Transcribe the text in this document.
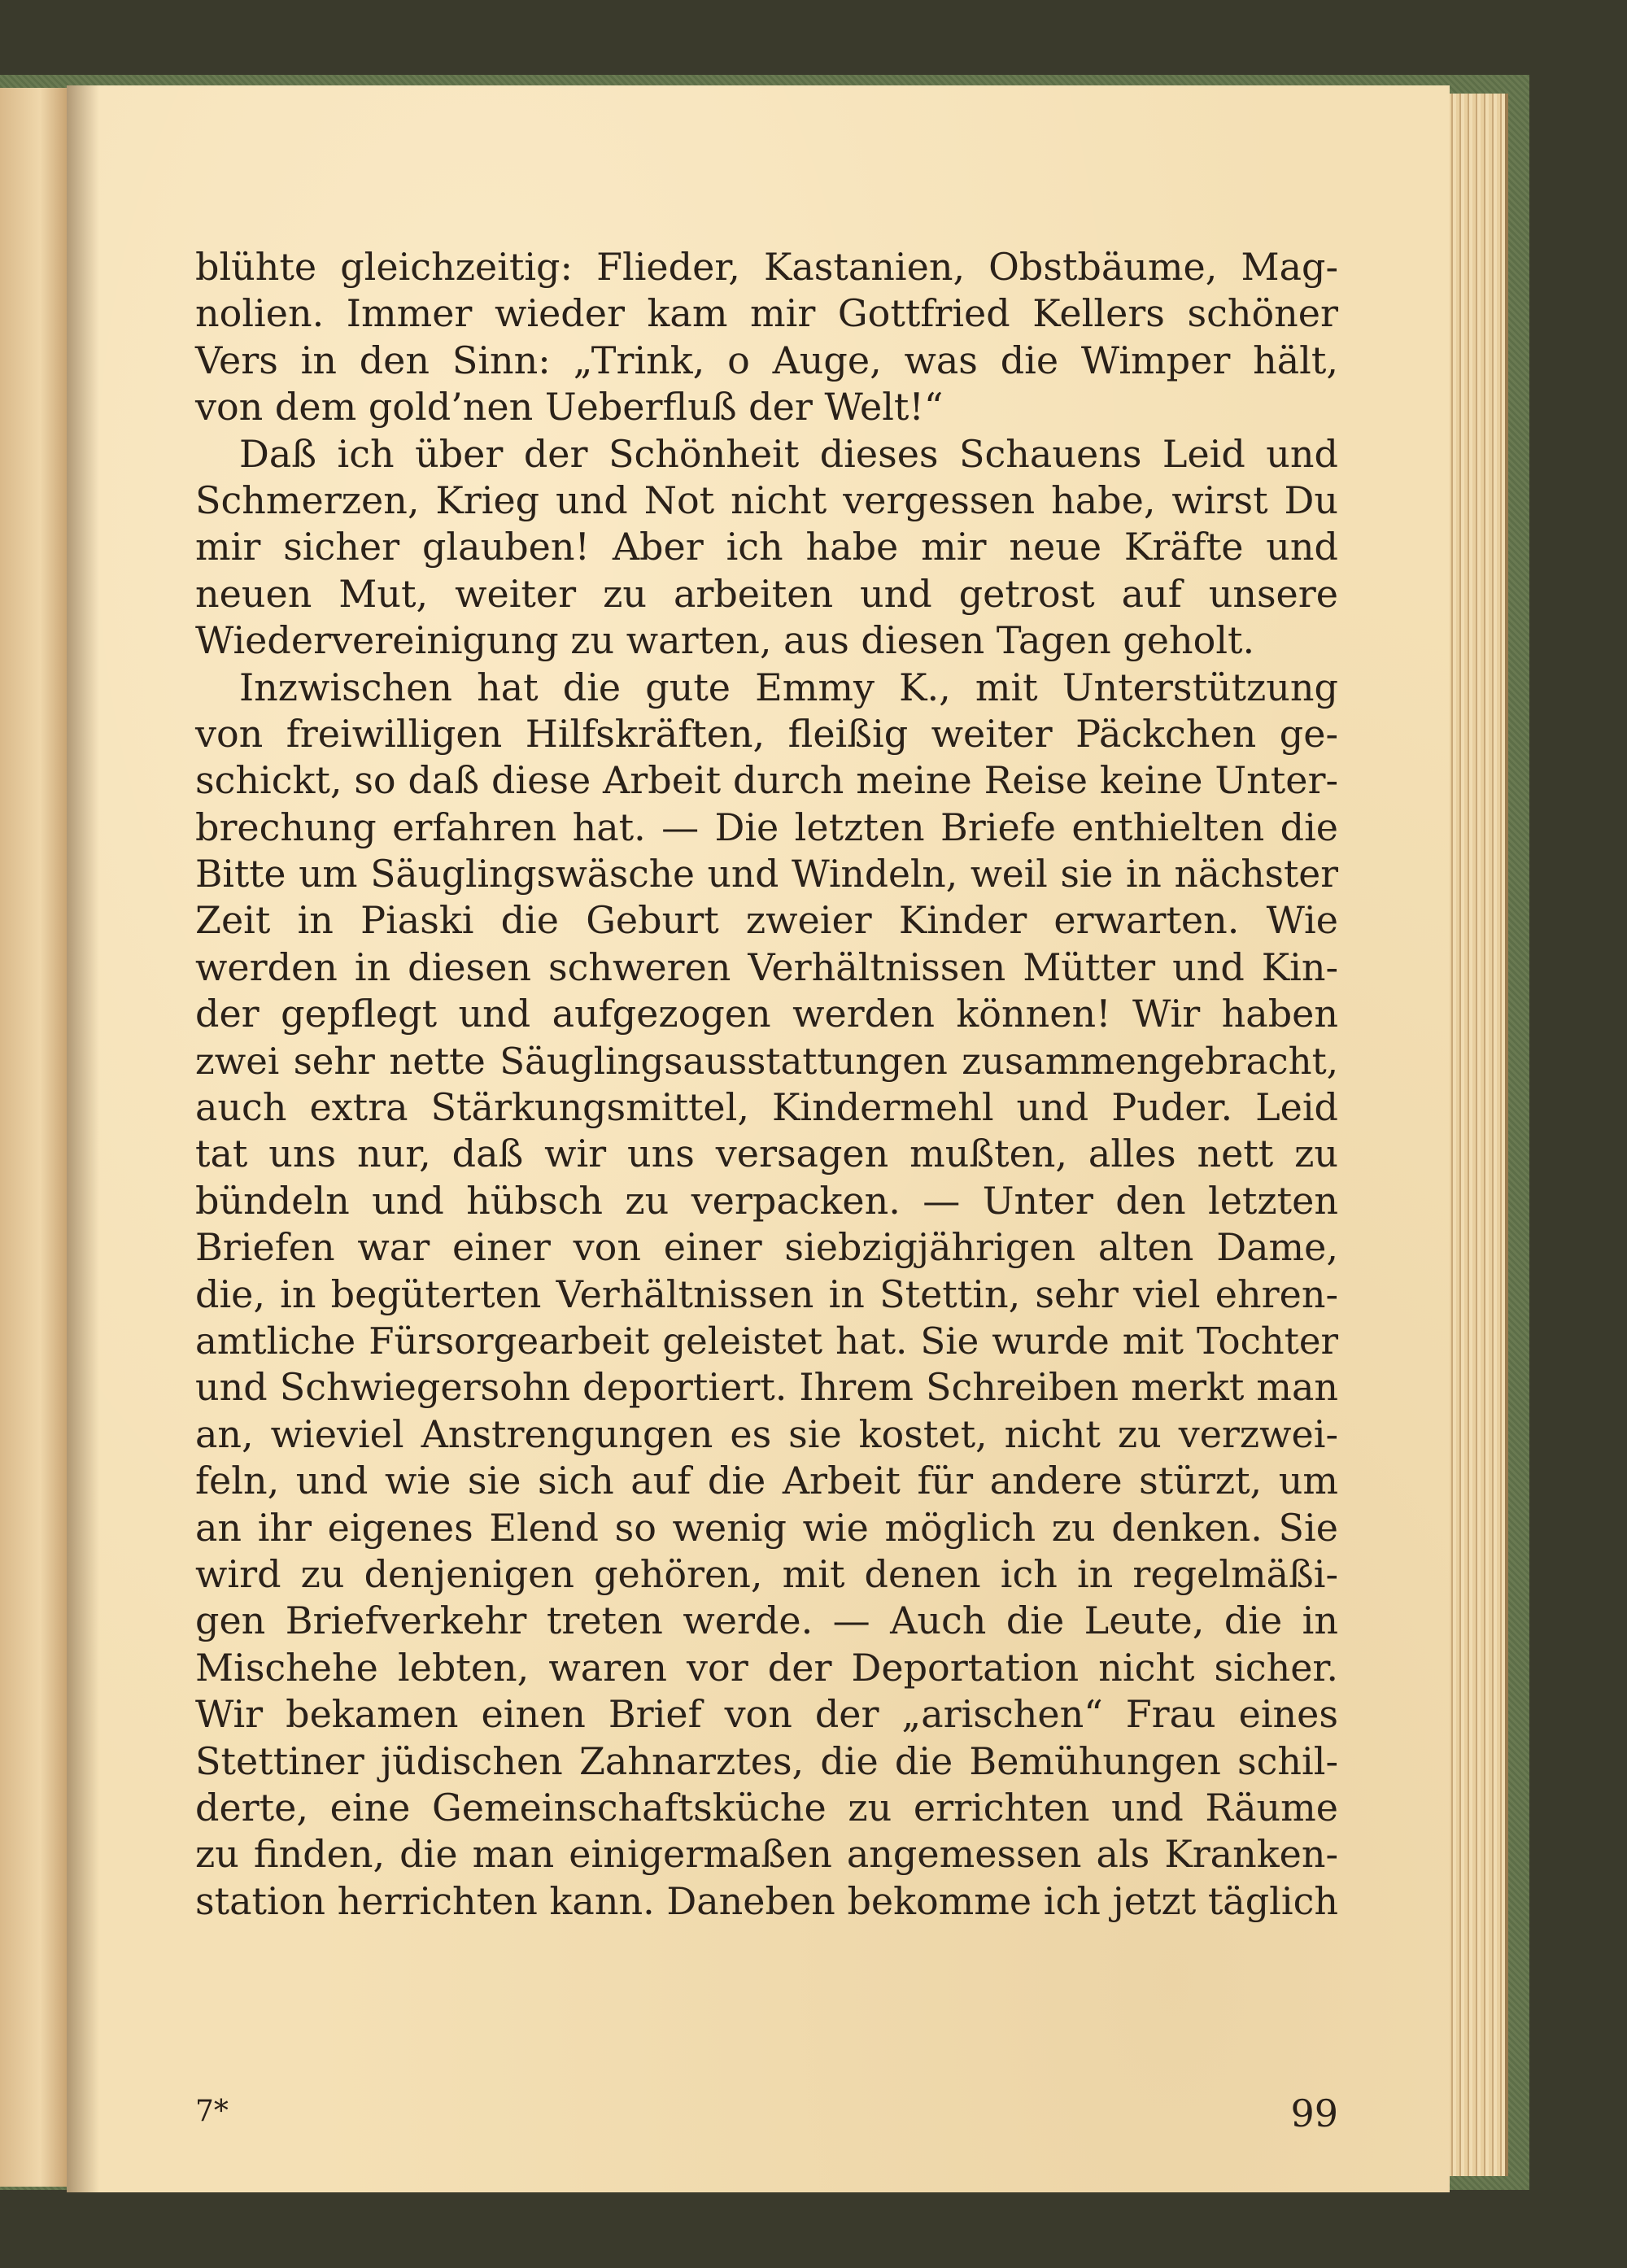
blühte gleichzeitig: Flieder, Kastanien, Obstbäume, Mag-
nolien. Immer wieder kam mir Gottfried Kellers schöner
Vers in den Sinn: „Trink, o Auge, was die Wimper hält,
von dem gold’nen Ueberfluß der Welt!“
Daß ich über der Schönheit dieses Schauens Leid und
Schmerzen, Krieg und Not nicht vergessen habe, wirst Du
mir sicher glauben! Aber ich habe mir neue Kräfte und
neuen Mut, weiter zu arbeiten und getrost auf unsere
Wiedervereinigung zu warten, aus diesen Tagen geholt.
Inzwischen hat die gute Emmy K., mit Unterstützung
von freiwilligen Hilfskräften, fleißig weiter Päckchen ge-
schickt, so daß diese Arbeit durch meine Reise keine Unter-
brechung erfahren hat. — Die letzten Briefe enthielten die
Bitte um Säuglingswäsche und Windeln, weil sie in nächster
Zeit in Piaski die Geburt zweier Kinder erwarten. Wie
werden in diesen schweren Verhältnissen Mütter und Kin-
der gepflegt und aufgezogen werden können! Wir haben
zwei sehr nette Säuglingsausstattungen zusammengebracht,
auch extra Stärkungsmittel, Kindermehl und Puder. Leid
tat uns nur, daß wir uns versagen mußten, alles nett zu
bündeln und hübsch zu verpacken. — Unter den letzten
Briefen war einer von einer siebzigjährigen alten Dame,
die, in begüterten Verhältnissen in Stettin, sehr viel ehren-
amtliche Fürsorgearbeit geleistet hat. Sie wurde mit Tochter
und Schwiegersohn deportiert. Ihrem Schreiben merkt man
an, wieviel Anstrengungen es sie kostet, nicht zu verzwei-
feln, und wie sie sich auf die Arbeit für andere stürzt, um
an ihr eigenes Elend so wenig wie möglich zu denken. Sie
wird zu denjenigen gehören, mit denen ich in regelmäßi-
gen Briefverkehr treten werde. — Auch die Leute, die in
Mischehe lebten, waren vor der Deportation nicht sicher.
Wir bekamen einen Brief von der „arischen“ Frau eines
Stettiner jüdischen Zahnarztes, die die Bemühungen schil-
derte, eine Gemeinschaftsküche zu errichten und Räume
zu finden, die man einigermaßen angemessen als Kranken-
station herrichten kann. Daneben bekomme ich jetzt täglich
7*	99
